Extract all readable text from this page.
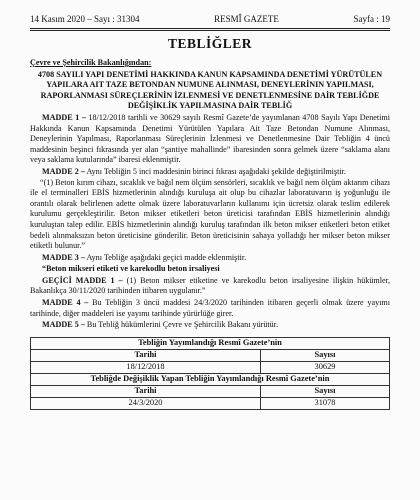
14 Kasım 2020 – Sayı : 31304	RESMÎ GAZETE	Sayfa : 19
TEBLİĞLER
Çevre ve Şehircilik Bakanlığından:
4708 SAYILI YAPI DENETİMİ HAKKINDA KANUN KAPSAMINDA DENETİMİ YÜRÜTÜLEN YAPILARA AIT TAZE BETONDAN NUMUNE ALINMASI, DENEYLERİNIN YAPILMASI, RAPORLANMASI SÜREÇLERİNİN İZLENMESİ VE DENETLENMESİNE DAİR TEBLİĞDE DEĞİŞİKLİK YAPILMASINA DAİR TEBLİĞ
MADDE 1 – 18/12/2018 tarihli ve 30629 sayılı Resmî Gazete’de yayımlanan 4708 Sayılı Yapı Denetimi Hakkında Kanun Kapsamında Denetimi Yürütülen Yapılara Ait Taze Betondan Numune Alınması, Deneylerinin Yapılması, Raporlanması Süreçlerinin İzlenmesi ve Denetlenmesine Dair Tebliğin 4 üncü maddesinin beşinci fıkrasında yer alan “şantiye mahallinde” ibaresinden sonra gelmek üzere “saklama alanı veya saklama kutularında” ibaresi eklenmiştir.
MADDE 2 – Aynı Tebliğin 5 inci maddesinin birinci fıkrası aşağıdaki şekilde değiştirilmiştir.
“(1) Beton kırım cihazı, sıcaklık ve bağıl nem ölçüm sensörleri, sıcaklık ve bağıl nem ölçüm aktarım cihazı ile el terminalleri EBİS hizmetlerinin alındığı kuruluşa ait olup bu cihazlar laboratuvarın iş yoğunluğu ile orantılı olarak belirlenen adette olmak üzere laboratuvarların kullanımı için ücretsiz olarak teslim edilerek kurulumu gerçekleştirilir. Beton mikser etiketleri beton üreticisi tarafından EBİS hizmetlerinin alındığı kuruluştan talep edilir. EBİS hizmetlerinin alındığı kuruluş tarafından ilk beton mikser etiketleri beton etiket bedeli alınmaksızın beton üreticisine gönderilir. Beton üreticisinin sahaya yolladığı her mikser beton mikser etiketli bulunur.”
MADDE 3 – Aynı Tebliğe aşağıdaki geçici madde eklenmiştir.
“Beton mikseri etiketi ve karekodlu beton irsaliyesi
GEÇİCİ MADDE 1 – (1) Beton mikser etiketine ve karekodlu beton irsaliyesine ilişkin hükümler, Bakanlıkça 30/11/2020 tarihinden itibaren uygulanır.”
MADDE 4 – Bu Tebliğin 3 üncü maddesi 24/3/2020 tarihinden itibaren geçerli olmak üzere yayımı tarihinde, diğer maddeleri ise yayımı tarihinde yürürlüğe girer.
MADDE 5 – Bu Tebliğ hükümlerini Çevre ve Şehircilik Bakanı yürütür.
Tebliğin Yayımlandığı Resmî Gazete’nin	
Tarihi	Sayısı
18/12/2018	30629
Tebliğde Değişiklik Yapan Tebliğin Yayımlandığı Resmî Gazete’nin	
Tarihi	Sayısı
24/3/2020	31078
